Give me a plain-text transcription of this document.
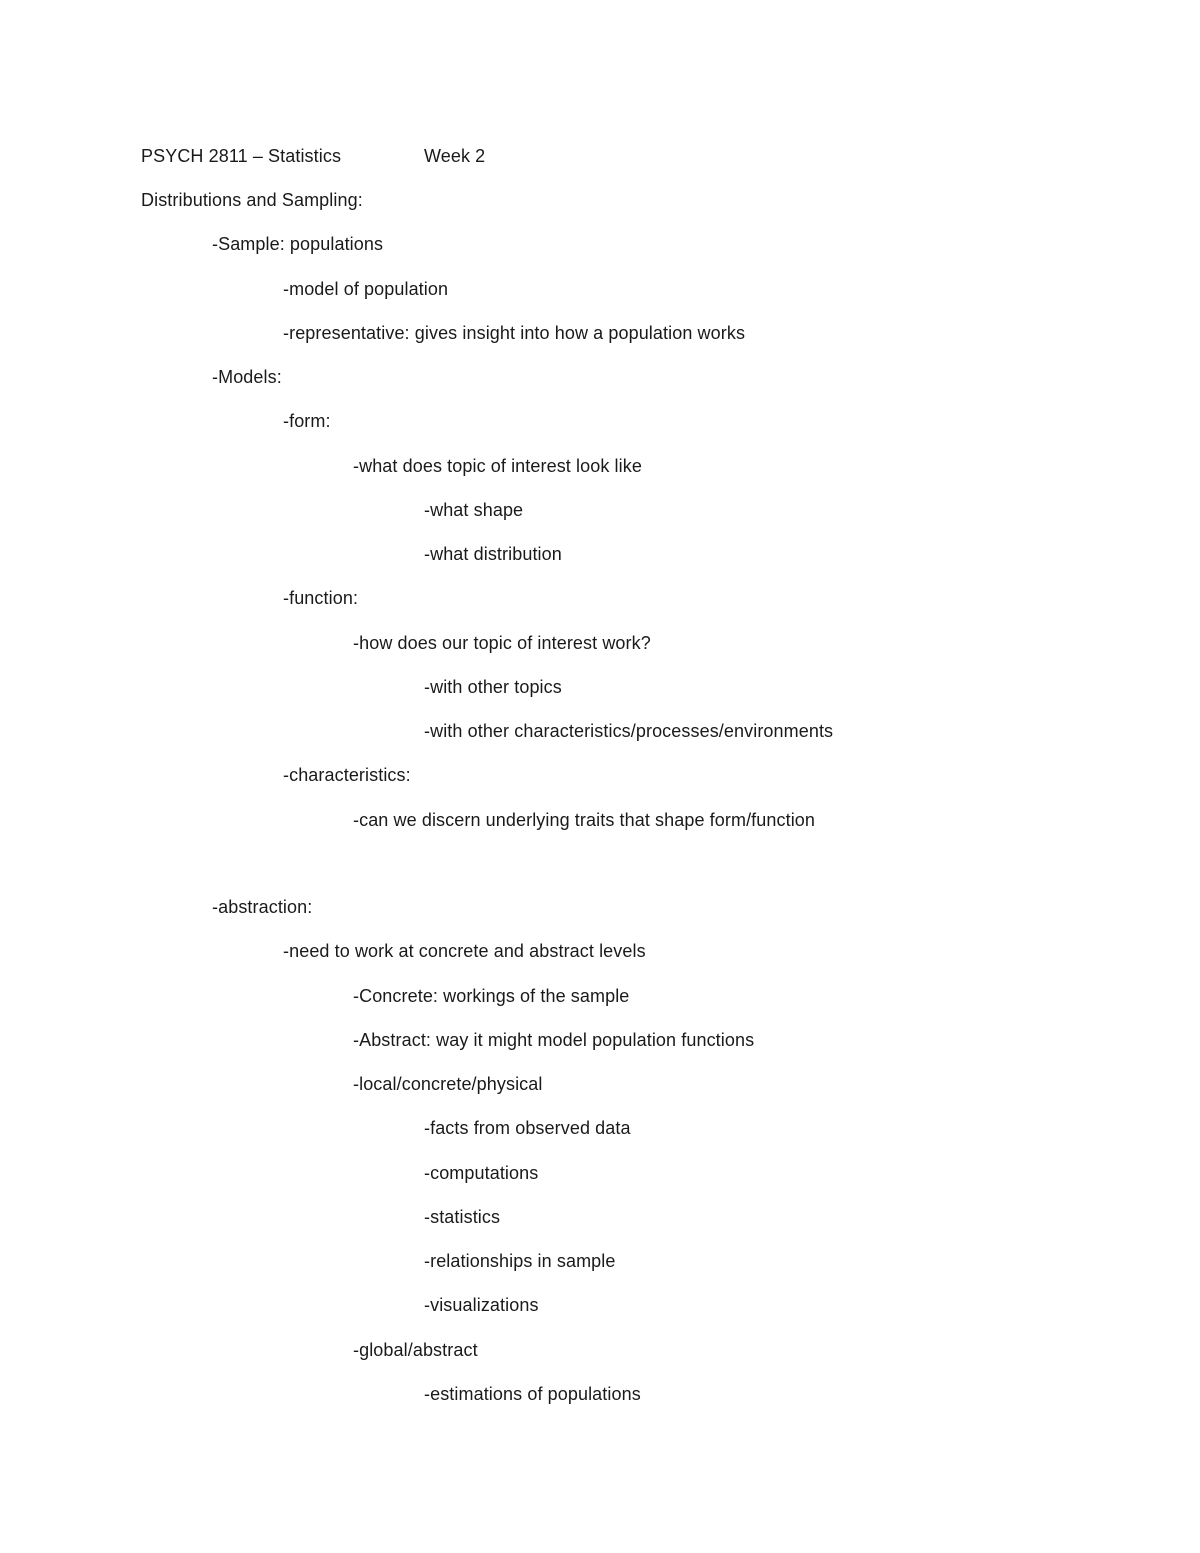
PSYCH 2811 – Statistics	Week 2
Distributions and Sampling:
-Sample: populations
-model of population
-representative: gives insight into how a population works
-Models:
-form:
-what does topic of interest look like
-what shape
-what distribution
-function:
-how does our topic of interest work?
-with other topics
-with other characteristics/processes/environments
-characteristics:
-can we discern underlying traits that shape form/function
-abstraction:
-need to work at concrete and abstract levels
-Concrete: workings of the sample
-Abstract: way it might model population functions
-local/concrete/physical
-facts from observed data
-computations
-statistics
-relationships in sample
-visualizations
-global/abstract
-estimations of populations
